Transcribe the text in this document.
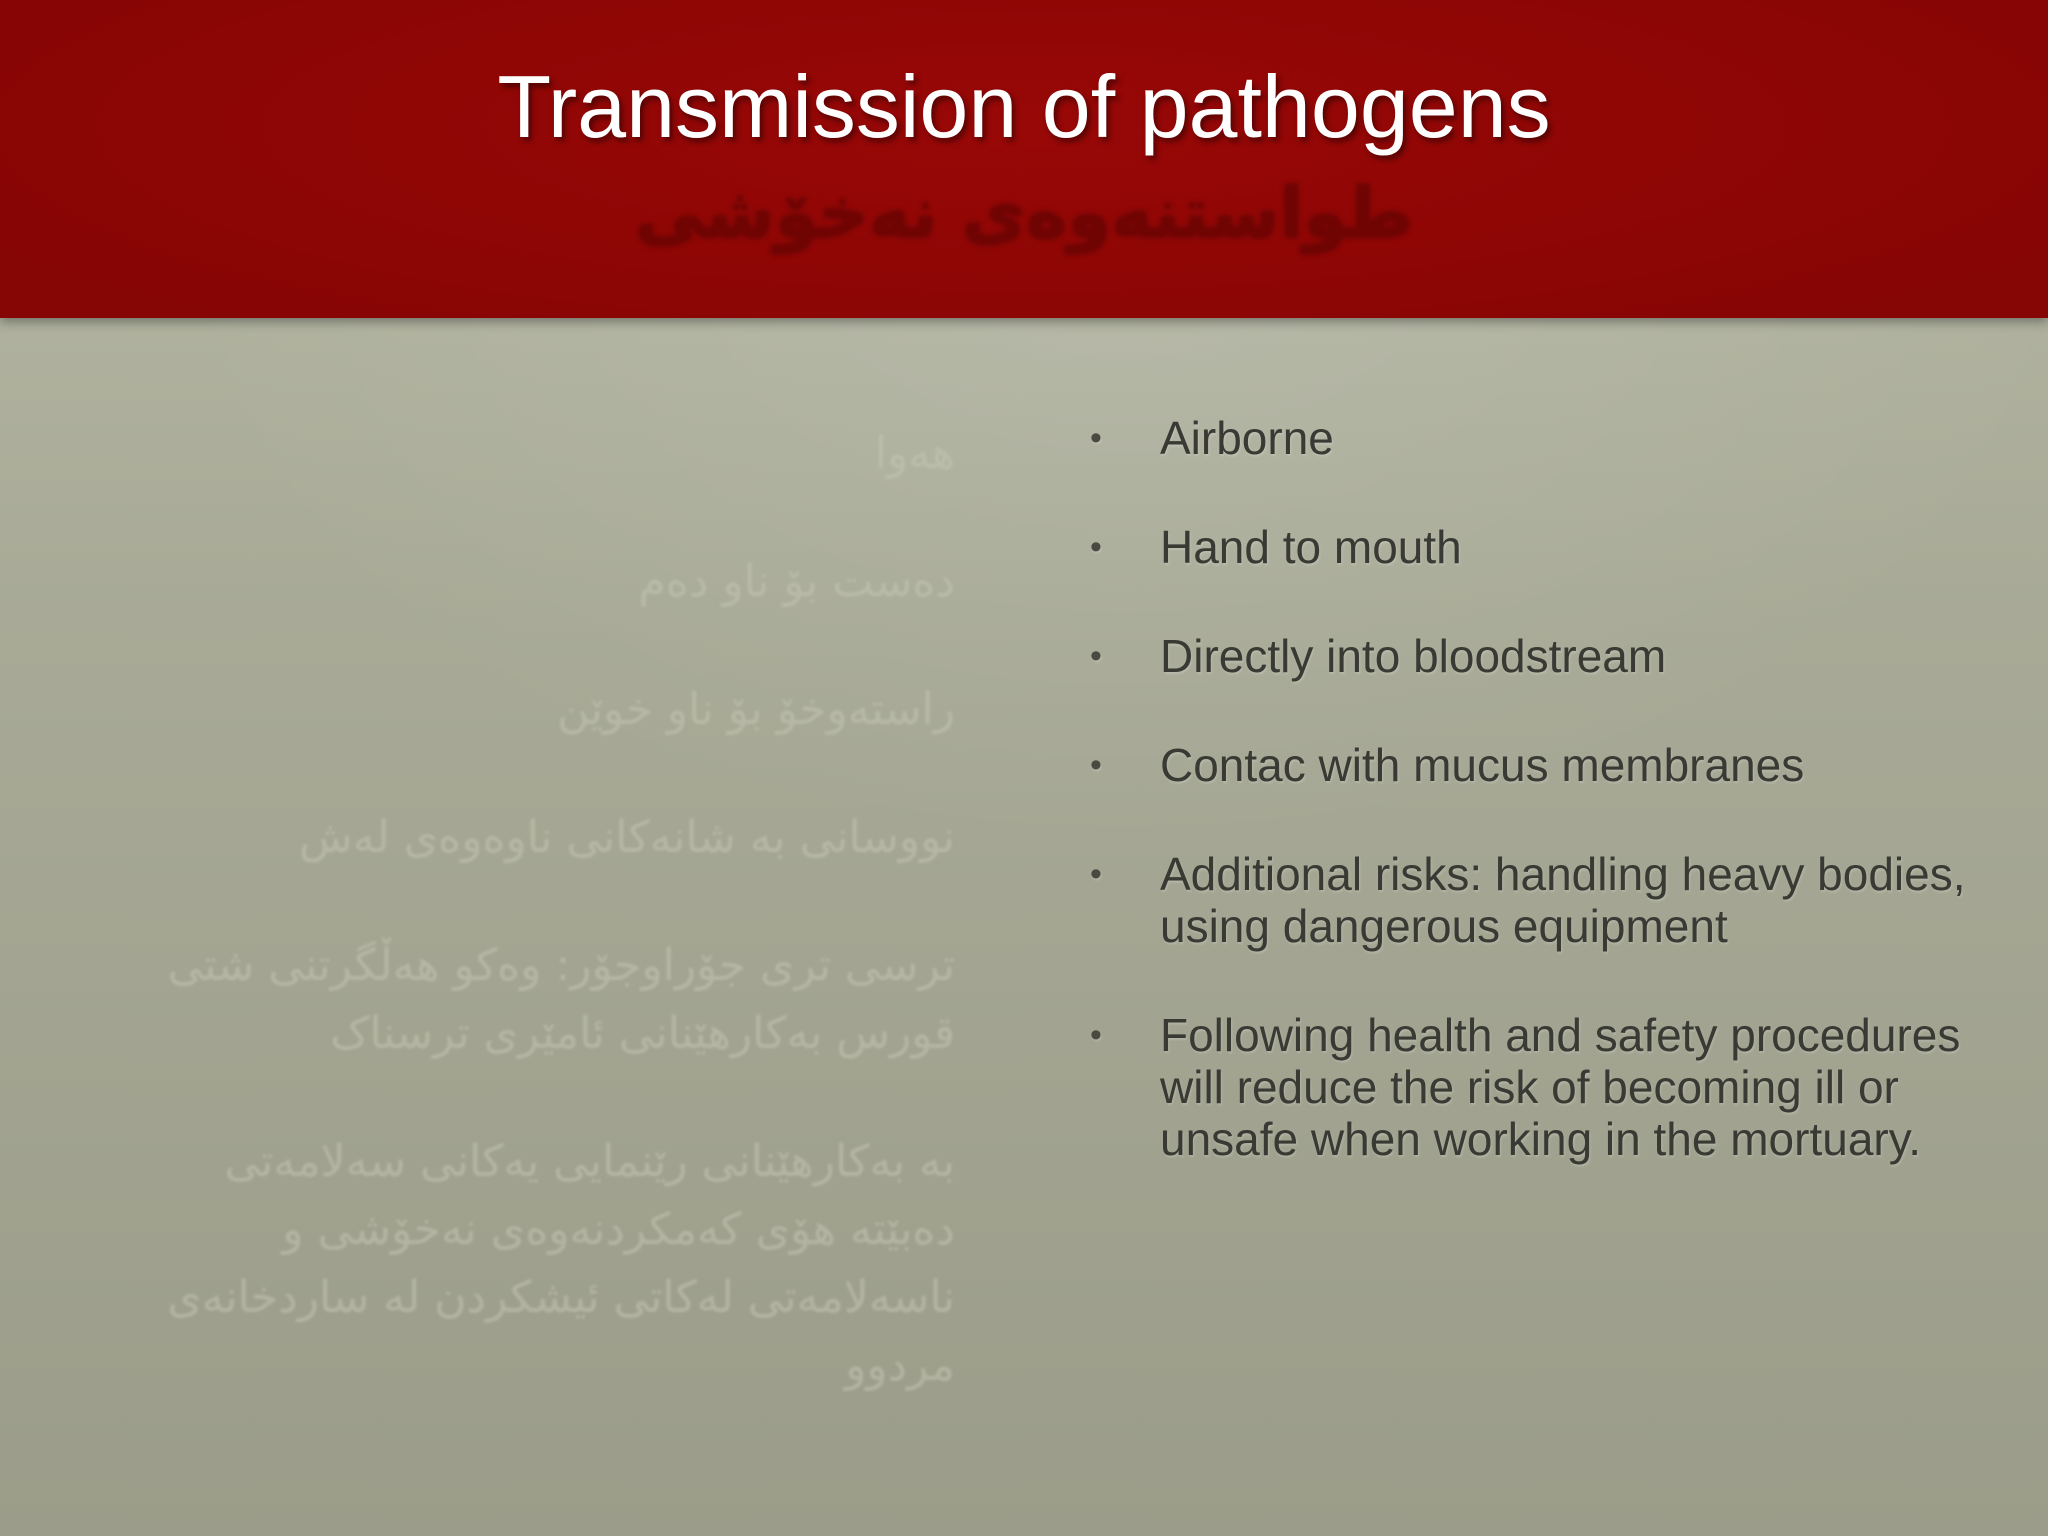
Transmission of pathogens
طواستنەوەی نەخۆشی

هەوا

دەست بۆ ناو دەم

راستەوخۆ بۆ ناو خوێن

نووسانی بە شانەکانی ناوەوەی لەش

ترسی تری جۆراوجۆر: وەکو هەڵگرتنی شتی قورس بەکارهێنانی ئامێری ترسناک

بە بەکارهێنانی رێنمایی یەکانی سەلامەتی دەبێتە هۆی کەمکردنەوەی نەخۆشی و ناسەلامەتی لەکاتی ئیشکردن لە ساردخانەی مردوو

• Airborne
• Hand to mouth
• Directly into bloodstream
• Contac with mucus membranes
• Additional risks: handling heavy bodies, using dangerous equipment
• Following health and safety procedures will reduce the risk of becoming ill or unsafe when working in the mortuary.
